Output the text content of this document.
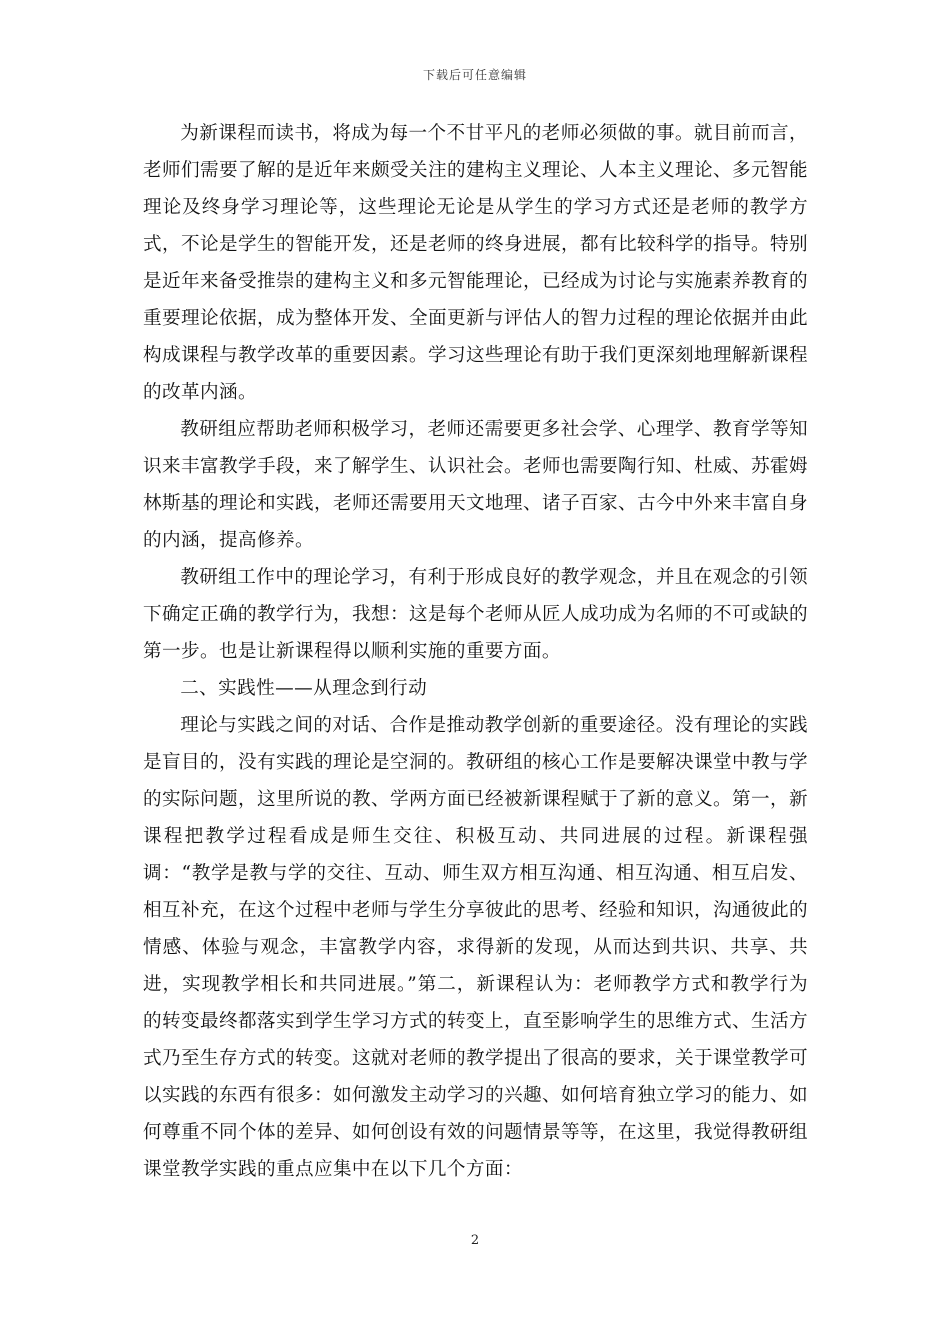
下载后可任意编辑

为新课程而读书，将成为每一个不甘平凡的老师必须做的事。就目前而言，老师们需要了解的是近年来颇受关注的建构主义理论、人本主义理论、多元智能理论及终身学习理论等，这些理论无论是从学生的学习方式还是老师的教学方式，不论是学生的智能开发，还是老师的终身进展，都有比较科学的指导。特别是近年来备受推崇的建构主义和多元智能理论，已经成为讨论与实施素养教育的重要理论依据，成为整体开发、全面更新与评估人的智力过程的理论依据并由此构成课程与教学改革的重要因素。学习这些理论有助于我们更深刻地理解新课程的改革内涵。

教研组应帮助老师积极学习，老师还需要更多社会学、心理学、教育学等知识来丰富教学手段，来了解学生、认识社会。老师也需要陶行知、杜威、苏霍姆林斯基的理论和实践，老师还需要用天文地理、诸子百家、古今中外来丰富自身的内涵，提高修养。

教研组工作中的理论学习，有利于形成良好的教学观念，并且在观念的引领下确定正确的教学行为，我想：这是每个老师从匠人成功成为名师的不可或缺的第一步。也是让新课程得以顺利实施的重要方面。

二、实践性——从理念到行动

理论与实践之间的对话、合作是推动教学创新的重要途径。没有理论的实践是盲目的，没有实践的理论是空洞的。教研组的核心工作是要解决课堂中教与学的实际问题，这里所说的教、学两方面已经被新课程赋于了新的意义。第一，新课程把教学过程看成是师生交往、积极互动、共同进展的过程。新课程强调：“教学是教与学的交往、互动、师生双方相互沟通、相互沟通、相互启发、相互补充，在这个过程中老师与学生分享彼此的思考、经验和知识，沟通彼此的情感、体验与观念，丰富教学内容，求得新的发现，从而达到共识、共享、共进，实现教学相长和共同进展。”第二，新课程认为：老师教学方式和教学行为的转变最终都落实到学生学习方式的转变上，直至影响学生的思维方式、生活方式乃至生存方式的转变。这就对老师的教学提出了很高的要求，关于课堂教学可以实践的东西有很多：如何激发主动学习的兴趣、如何培育独立学习的能力、如何尊重不同个体的差异、如何创设有效的问题情景等等，在这里，我觉得教研组课堂教学实践的重点应集中在以下几个方面：

2
